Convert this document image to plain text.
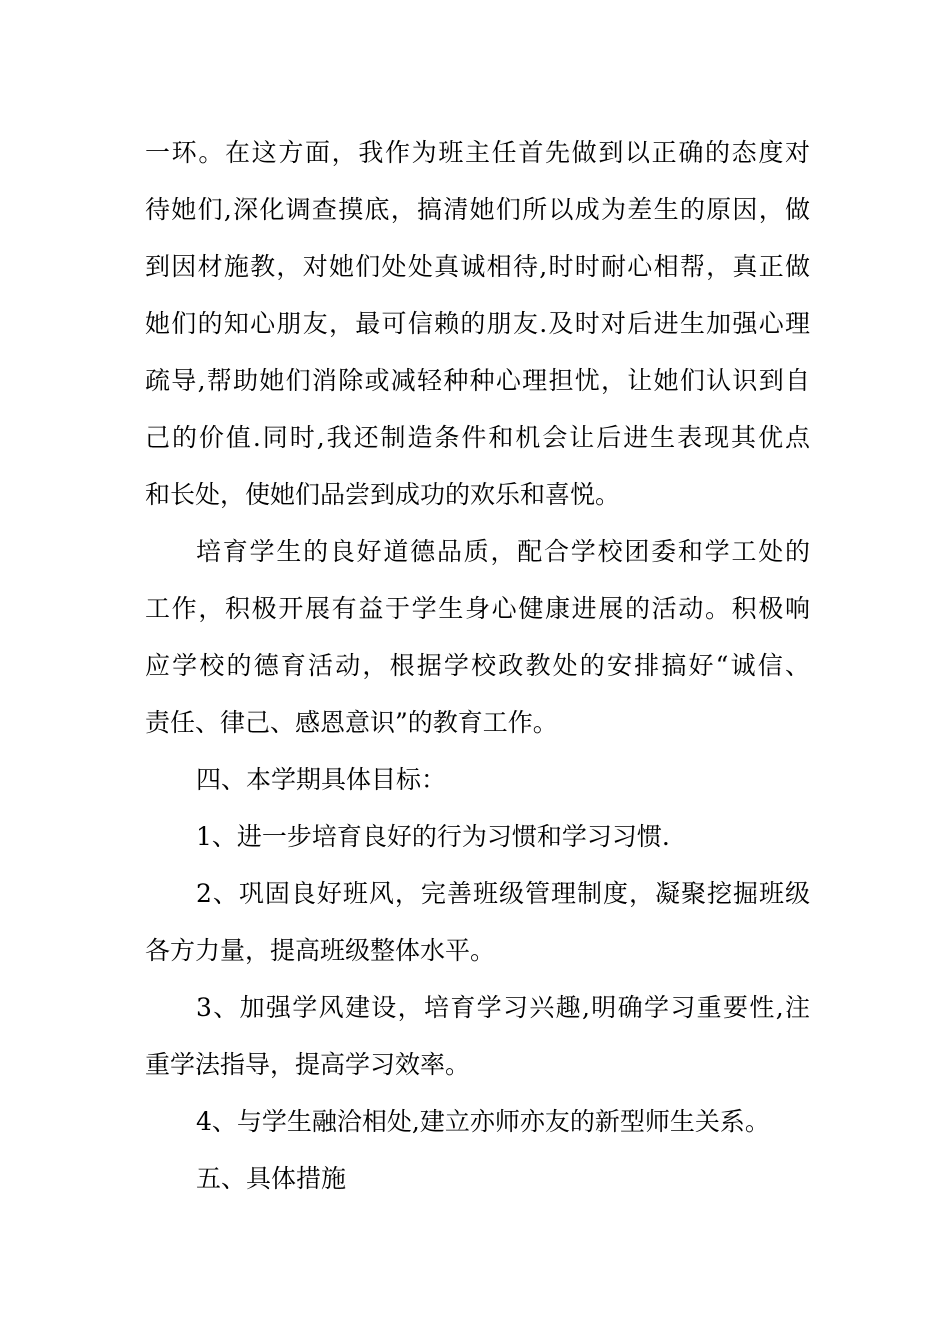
一环。在这方面，我作为班主任首先做到以正确的态度对
待她们,深化调查摸底，搞清她们所以成为差生的原因，做
到因材施教，对她们处处真诚相待,时时耐心相帮，真正做
她们的知心朋友，最可信赖的朋友.及时对后进生加强心理
疏导,帮助她们消除或减轻种种心理担忧，让她们认识到自
己的价值.同时,我还制造条件和机会让后进生表现其优点
和长处，使她们品尝到成功的欢乐和喜悦。
培育学生的良好道德品质，配合学校团委和学工处的
工作，积极开展有益于学生身心健康进展的活动。积极响
应学校的德育活动，根据学校政教处的安排搞好“诚信、
责任、律己、感恩意识”的教育工作。
四、本学期具体目标：
1、进一步培育良好的行为习惯和学习习惯.
2、巩固良好班风，完善班级管理制度，凝聚挖掘班级
各方力量，提高班级整体水平。
3、加强学风建设，培育学习兴趣,明确学习重要性,注
重学法指导，提高学习效率。
4、与学生融洽相处,建立亦师亦友的新型师生关系。
五、具体措施
